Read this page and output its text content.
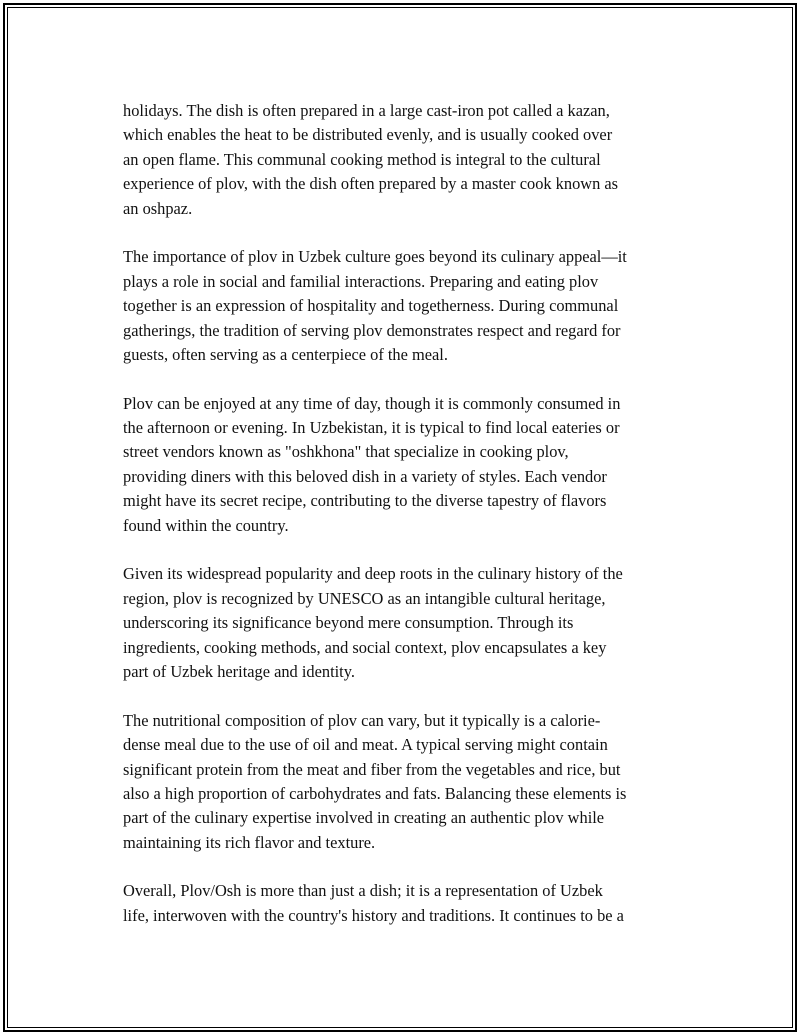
holidays. The dish is often prepared in a large cast-iron pot called a kazan,
which enables the heat to be distributed evenly, and is usually cooked over
an open flame. This communal cooking method is integral to the cultural
experience of plov, with the dish often prepared by a master cook known as
an oshpaz.

The importance of plov in Uzbek culture goes beyond its culinary appeal—it
plays a role in social and familial interactions. Preparing and eating plov
together is an expression of hospitality and togetherness. During communal
gatherings, the tradition of serving plov demonstrates respect and regard for
guests, often serving as a centerpiece of the meal.

Plov can be enjoyed at any time of day, though it is commonly consumed in
the afternoon or evening. In Uzbekistan, it is typical to find local eateries or
street vendors known as "oshkhona" that specialize in cooking plov,
providing diners with this beloved dish in a variety of styles. Each vendor
might have its secret recipe, contributing to the diverse tapestry of flavors
found within the country.

Given its widespread popularity and deep roots in the culinary history of the
region, plov is recognized by UNESCO as an intangible cultural heritage,
underscoring its significance beyond mere consumption. Through its
ingredients, cooking methods, and social context, plov encapsulates a key
part of Uzbek heritage and identity.

The nutritional composition of plov can vary, but it typically is a calorie-
dense meal due to the use of oil and meat. A typical serving might contain
significant protein from the meat and fiber from the vegetables and rice, but
also a high proportion of carbohydrates and fats. Balancing these elements is
part of the culinary expertise involved in creating an authentic plov while
maintaining its rich flavor and texture.

Overall, Plov/Osh is more than just a dish; it is a representation of Uzbek
life, interwoven with the country's history and traditions. It continues to be a
